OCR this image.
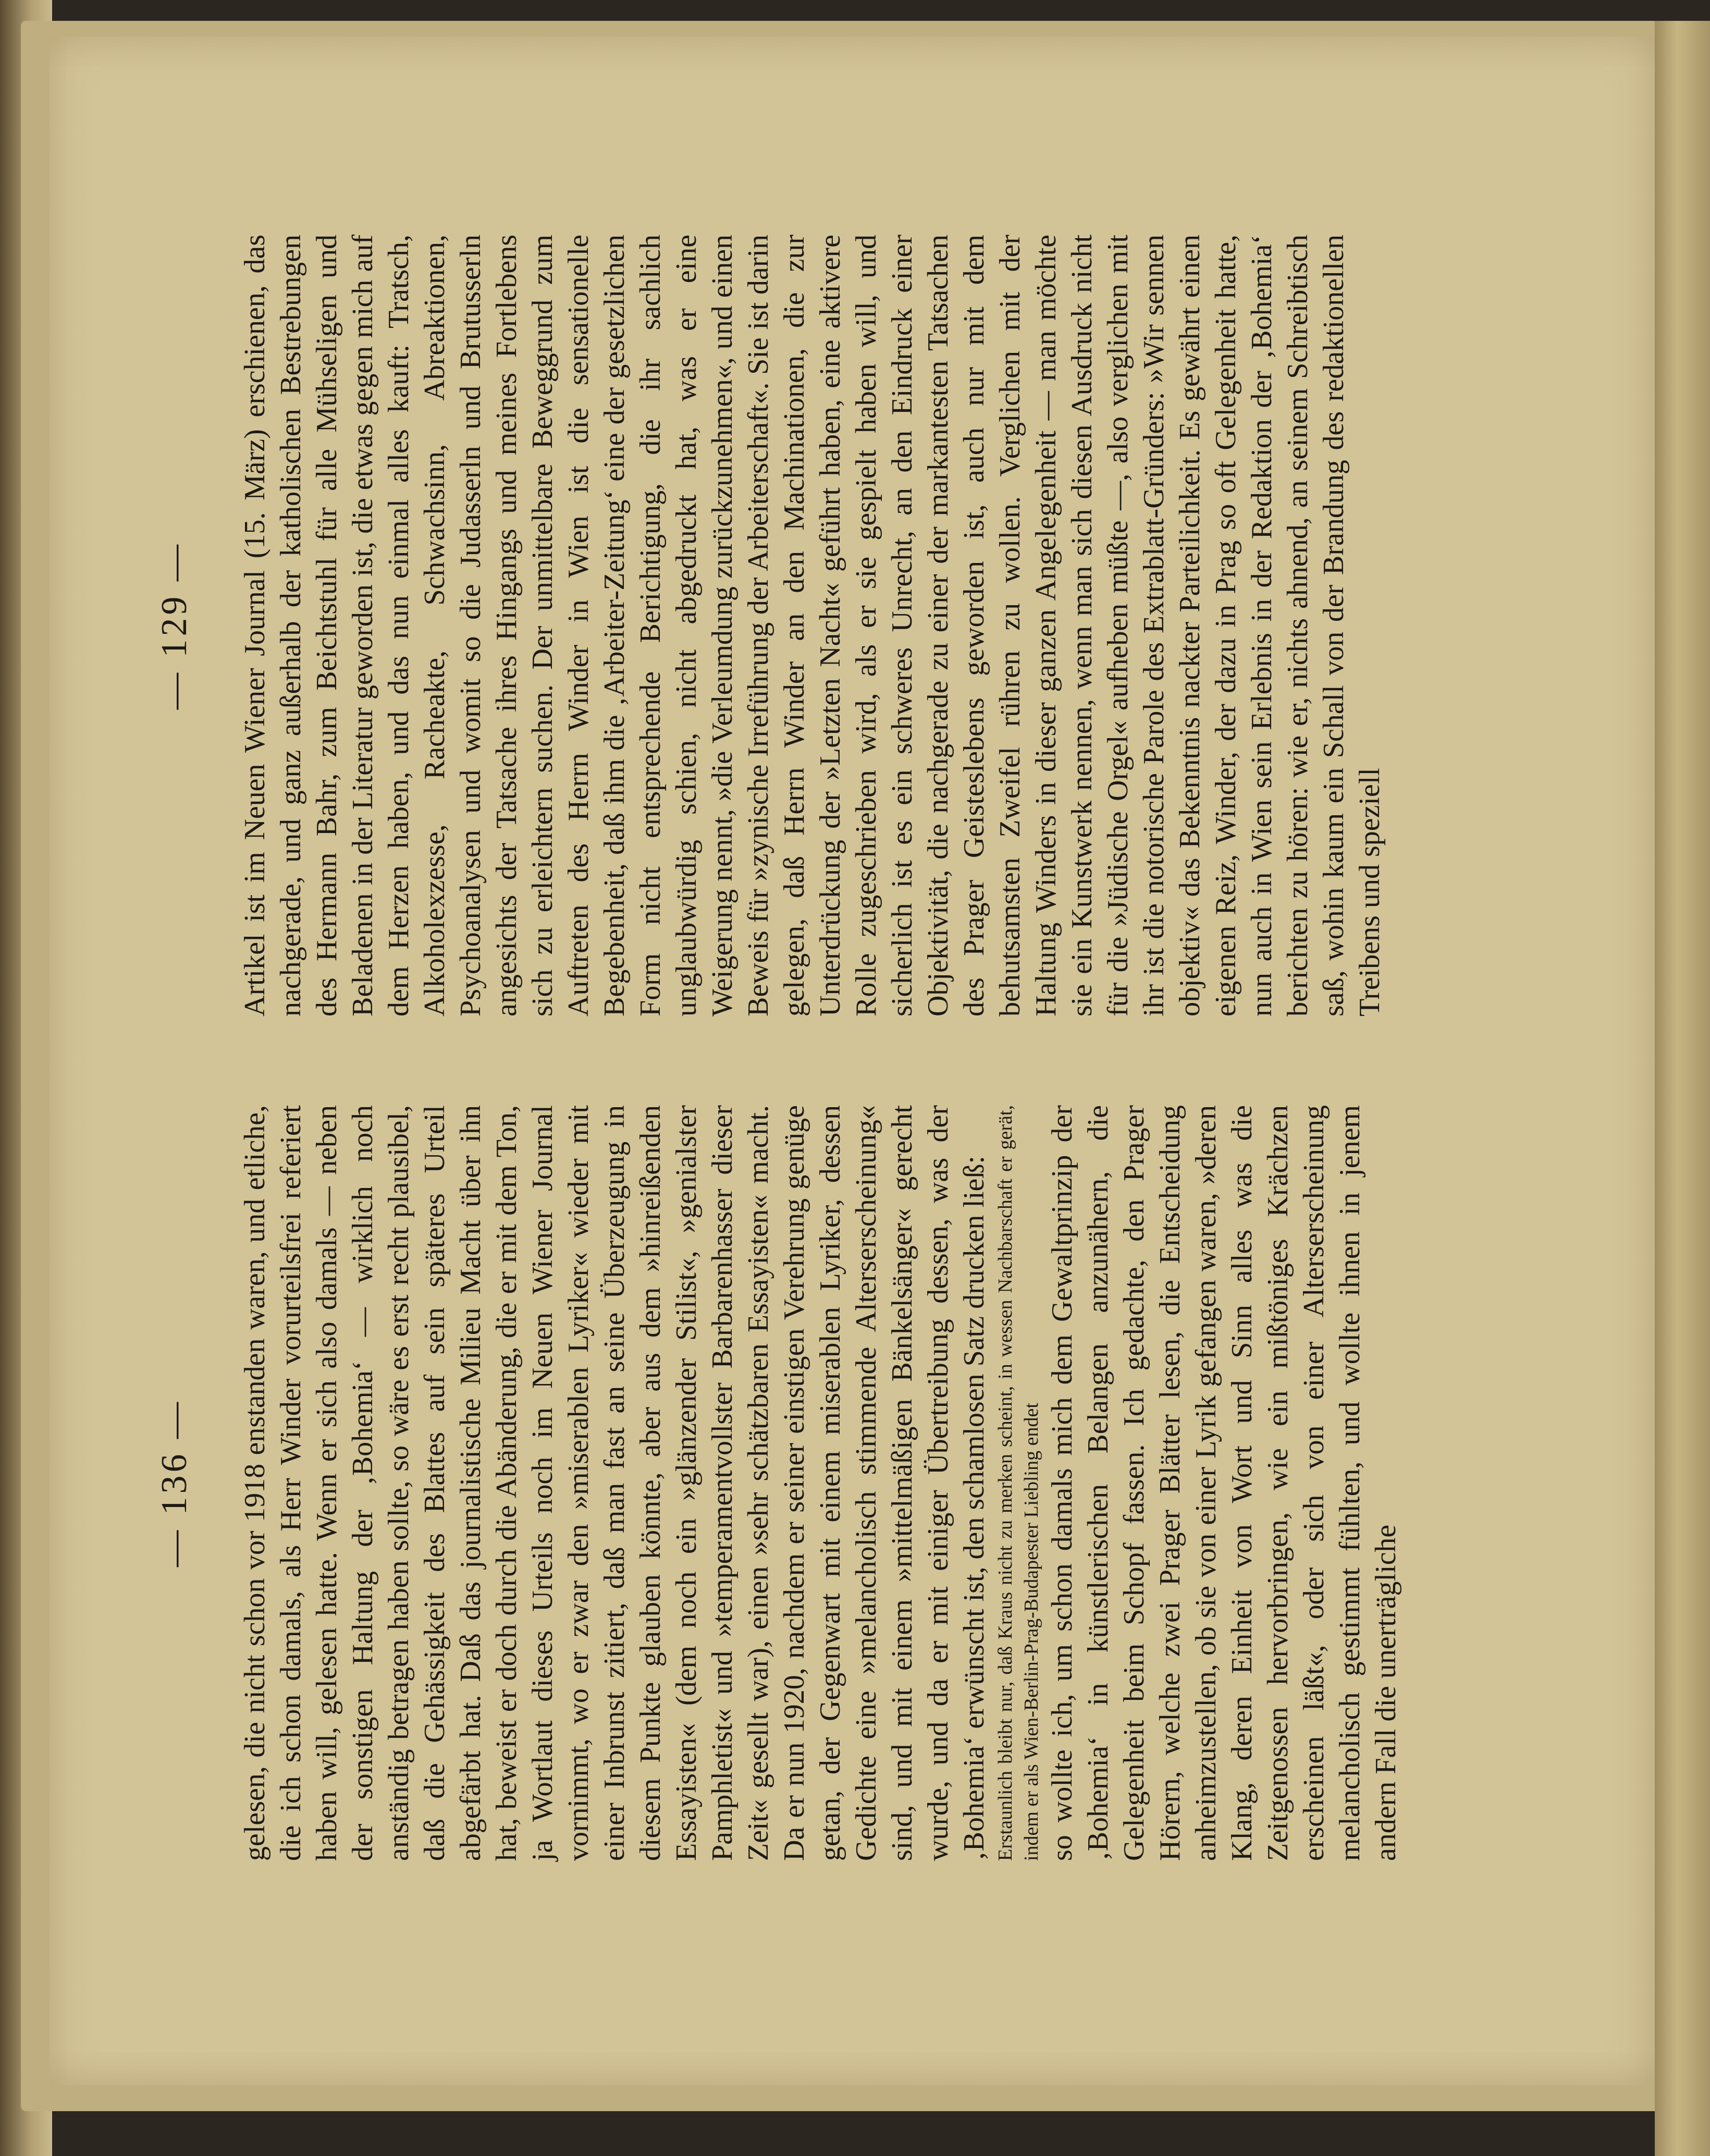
— 136 —
— 129 —

gelesen, die nicht schon vor 1918 enstanden waren, und etliche, die ich schon damals, als Herr Winder vorurteilsfrei referiert haben will, gelesen hatte. Wenn er sich also damals — neben der sonstigen Haltung der ‚Bohemia‘ — wirklich noch anständig betragen haben sollte, so wäre es erst recht plausibel, daß die Gehässigkeit des Blattes auf sein späteres Urteil abgefärbt hat. Daß das journalistische Milieu Macht über ihn hat, beweist er doch durch die Abänderung, die er mit dem Ton, ja Wortlaut dieses Urteils noch im Neuen Wiener Journal vornimmt, wo er zwar den »miserablen Lyriker« wieder mit einer Inbrunst zitiert, daß man fast an seine Überzeugung in diesem Punkte glauben könnte, aber aus dem »hinreißenden Essayisten« (dem noch ein »glänzender Stilist«, »genialster Pamphletist« und »temperamentvollster Barbarenhasser dieser Zeit« gesellt war), einen »sehr schätzbaren Essayisten« macht. Da er nun 1920, nachdem er seiner einstigen Verehrung genüge getan, der Gegenwart mit einem miserablen Lyriker, dessen Gedichte eine »melancholisch stimmende Alterserscheinung« sind, und mit einem »mittelmäßigen Bänkelsänger« gerecht wurde, und da er mit einiger Übertreibung dessen, was der ‚Bohemia‘ erwünscht ist, den schamlosen Satz drucken ließ: Erstaunlich bleibt nur, daß Kraus nicht zu merken scheint, in wessen Nachbarschaft er gerät, indem er als Wien-Berlin-Prag-Budapester Liebling endet so wollte ich, um schon damals mich dem Gewaltprinzip der ‚Bohemia‘ in künstlerischen Belangen anzunähern, die Gelegenheit beim Schopf fassen. Ich gedachte, den Prager Hörern, welche zwei Prager Blätter lesen, die Entscheidung anheimzustellen, ob sie von einer Lyrik gefangen waren, »deren Klang, deren Einheit von Wort und Sinn alles was die Zeitgenossen hervorbringen, wie ein mißtöniges Krächzen erscheinen läßt«, oder sich von einer Alterserscheinung melancholisch gestimmt fühlten, und wollte ihnen in jenem andern Fall die unerträgliche

Artikel ist im Neuen Wiener Journal (15. März) erschienen, das nachgerade, und ganz außerhalb der katholischen Bestrebungen des Hermann Bahr, zum Beichtstuhl für alle Mühseligen und Beladenen in der Literatur geworden ist, die etwas gegen mich auf dem Herzen haben, und das nun einmal alles kauft: Tratsch, Alkoholexzesse, Racheakte, Schwachsinn, Abreaktionen, Psychoanalysen und womit so die Judasserln und Brutusserln angesichts der Tatsache ihres Hingangs und meines Fortlebens sich zu erleichtern suchen. Der unmittelbare Beweggrund zum Auftreten des Herrn Winder in Wien ist die sensationelle Begebenheit, daß ihm die ‚Arbeiter-Zeitung‘ eine der gesetzlichen Form nicht entsprechende Berichtigung, die ihr sachlich unglaubwürdig schien, nicht abgedruckt hat, was er eine Weigerung nennt, »die Verleumdung zurückzunehmen«, und einen Beweis für »zynische Irreführung der Arbeiterschaft«. Sie ist darin gelegen, daß Herrn Winder an den Machinationen, die zur Unterdrückung der »Letzten Nacht« geführt haben, eine aktivere Rolle zugeschrieben wird, als er sie gespielt haben will, und sicherlich ist es ein schweres Unrecht, an den Eindruck einer Objektivität, die nachgerade zu einer der markantesten Tatsachen des Prager Geisteslebens geworden ist, auch nur mit dem behutsamsten Zweifel rühren zu wollen. Verglichen mit der Haltung Winders in dieser ganzen Angelegenheit — man möchte sie ein Kunstwerk nennen, wenn man sich diesen Ausdruck nicht für die »Jüdische Orgel« aufheben müßte —, also verglichen mit ihr ist die notorische Parole des Extrablatt-Gründers: »Wir sennen objektiv« das Bekenntnis nackter Parteilichkeit. Es gewährt einen eigenen Reiz, Winder, der dazu in Prag so oft Gelegenheit hatte, nun auch in Wien sein Erlebnis in der Redaktion der ‚Bohemia‘ berichten zu hören: wie er, nichts ahnend, an seinem Schreibtisch saß, wohin kaum ein Schall von der Brandung des redaktionellen Treibens und speziell
